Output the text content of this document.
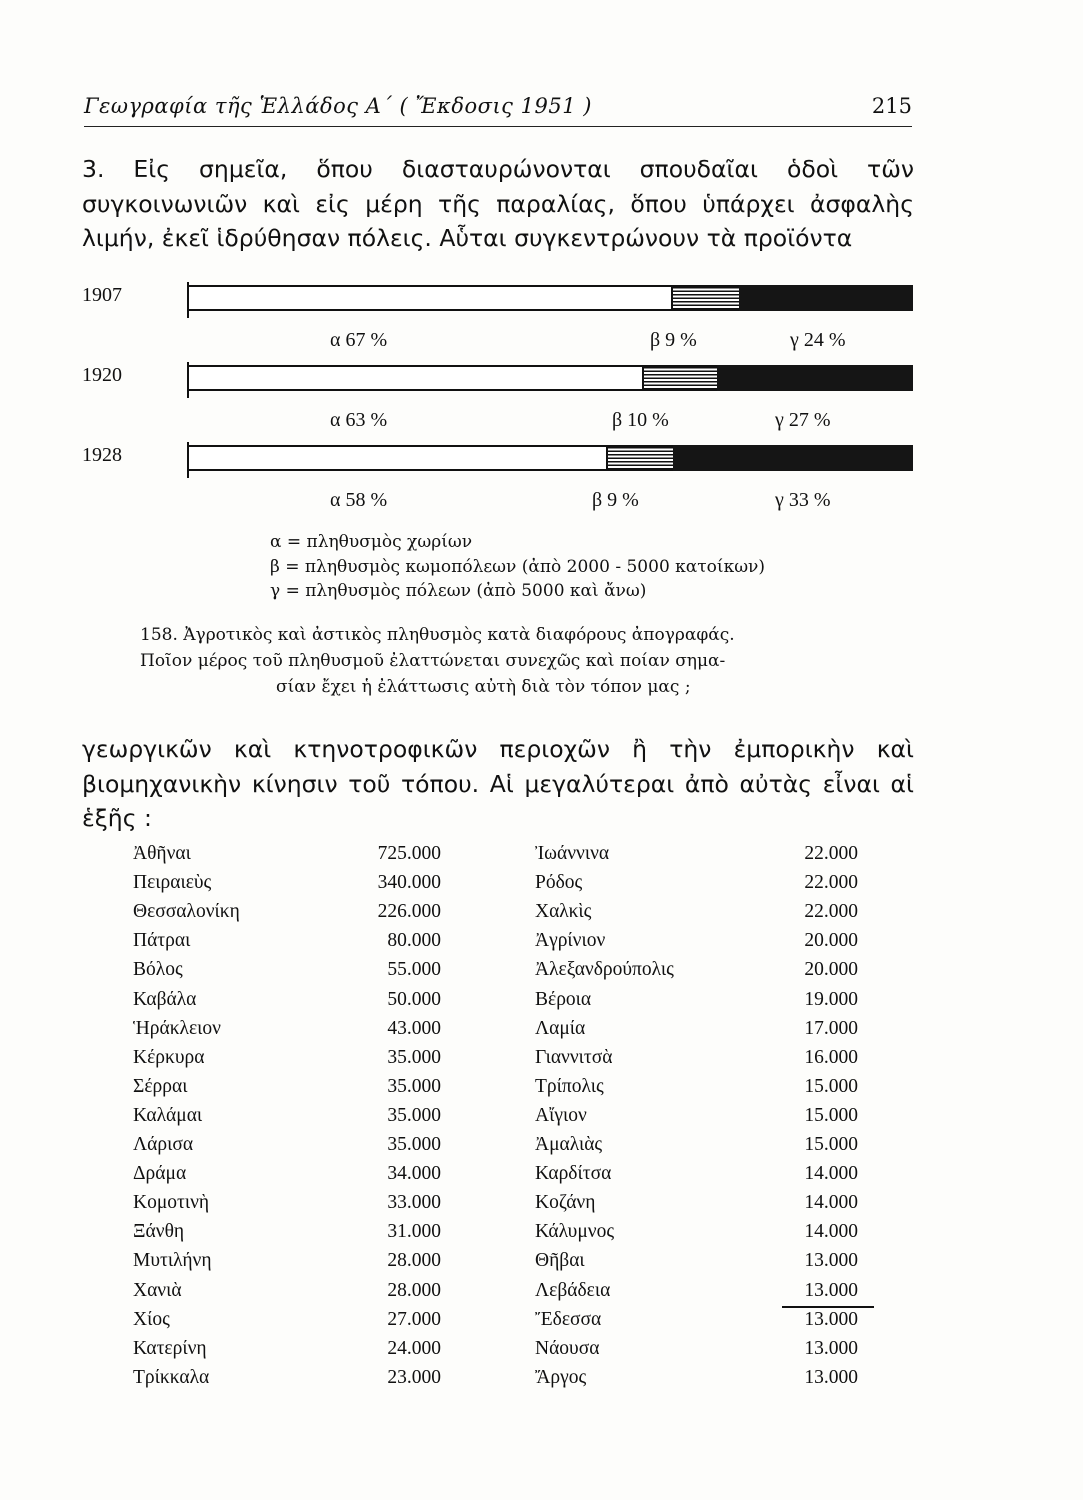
Γεωγραφία τῆς Ἑλλάδος Α΄ ( Ἔκδοσις 1951 )	215
3. Εἰς σημεῖα, ὅπου διασταυρώνονται σπουδαῖαι ὁδοὶ τῶν συγκοινωνιῶν καὶ εἰς μέρη τῆς παραλίας, ὅπου ὑπάρχει ἀσφαλὴς λιμήν, ἐκεῖ ἱδρύθησαν πόλεις. Αὗται συγκεντρώνουν τὰ προϊόντα
1907
α 67 %	β 9 %	γ 24 %
1920
α 63 %	β 10 %	γ 27 %
1928
α 58 %	β 9 %	γ 33 %
α = πληθυσμὸς χωρίων
β = πληθυσμὸς κωμοπόλεων (ἀπὸ 2000 - 5000 κατοίκων)
γ = πληθυσμὸς πόλεων (ἀπὸ 5000 καὶ ἄνω)
158. Ἀγροτικὸς καὶ ἀστικὸς πληθυσμὸς κατὰ διαφόρους ἀπογραφάς.
Ποῖον μέρος τοῦ πληθυσμοῦ ἐλαττώνεται συνεχῶς καὶ ποίαν σημα-
σίαν ἔχει ἡ ἐλάττωσις αὐτὴ διὰ τὸν τόπον μας ;
γεωργικῶν καὶ κτηνοτροφικῶν περιοχῶν ἢ τὴν ἐμπορικὴν καὶ βιομηχανικὴν κίνησιν τοῦ τόπου. Αἱ μεγαλύτεραι ἀπὸ αὐτὰς εἶναι αἱ ἑξῆς :
Ἀθῆναι	725.000	Ἰωάννινα	22.000
Πειραιεὺς	340.000	Ρόδος	22.000
Θεσσαλονίκη	226.000	Χαλκὶς	22.000
Πάτραι	80.000	Ἀγρίνιον	20.000
Βόλος	55.000	Ἀλεξανδρούπολις	20.000
Καβάλα	50.000	Βέροια	19.000
Ἡράκλειον	43.000	Λαμία	17.000
Κέρκυρα	35.000	Γιαννιτσὰ	16.000
Σέρραι	35.000	Τρίπολις	15.000
Καλάμαι	35.000	Αἴγιον	15.000
Λάρισα	35.000	Ἀμαλιὰς	15.000
Δράμα	34.000	Καρδίτσα	14.000
Κομοτινὴ	33.000	Κοζάνη	14.000
Ξάνθη	31.000	Κάλυμνος	14.000
Μυτιλήνη	28.000	Θῆβαι	13.000
Χανιὰ	28.000	Λεβάδεια	13.000
Χίος	27.000	Ἔδεσσα	13.000
Κατερίνη	24.000	Νάουσα	13.000
Τρίκκαλα	23.000	Ἄργος	13.000
